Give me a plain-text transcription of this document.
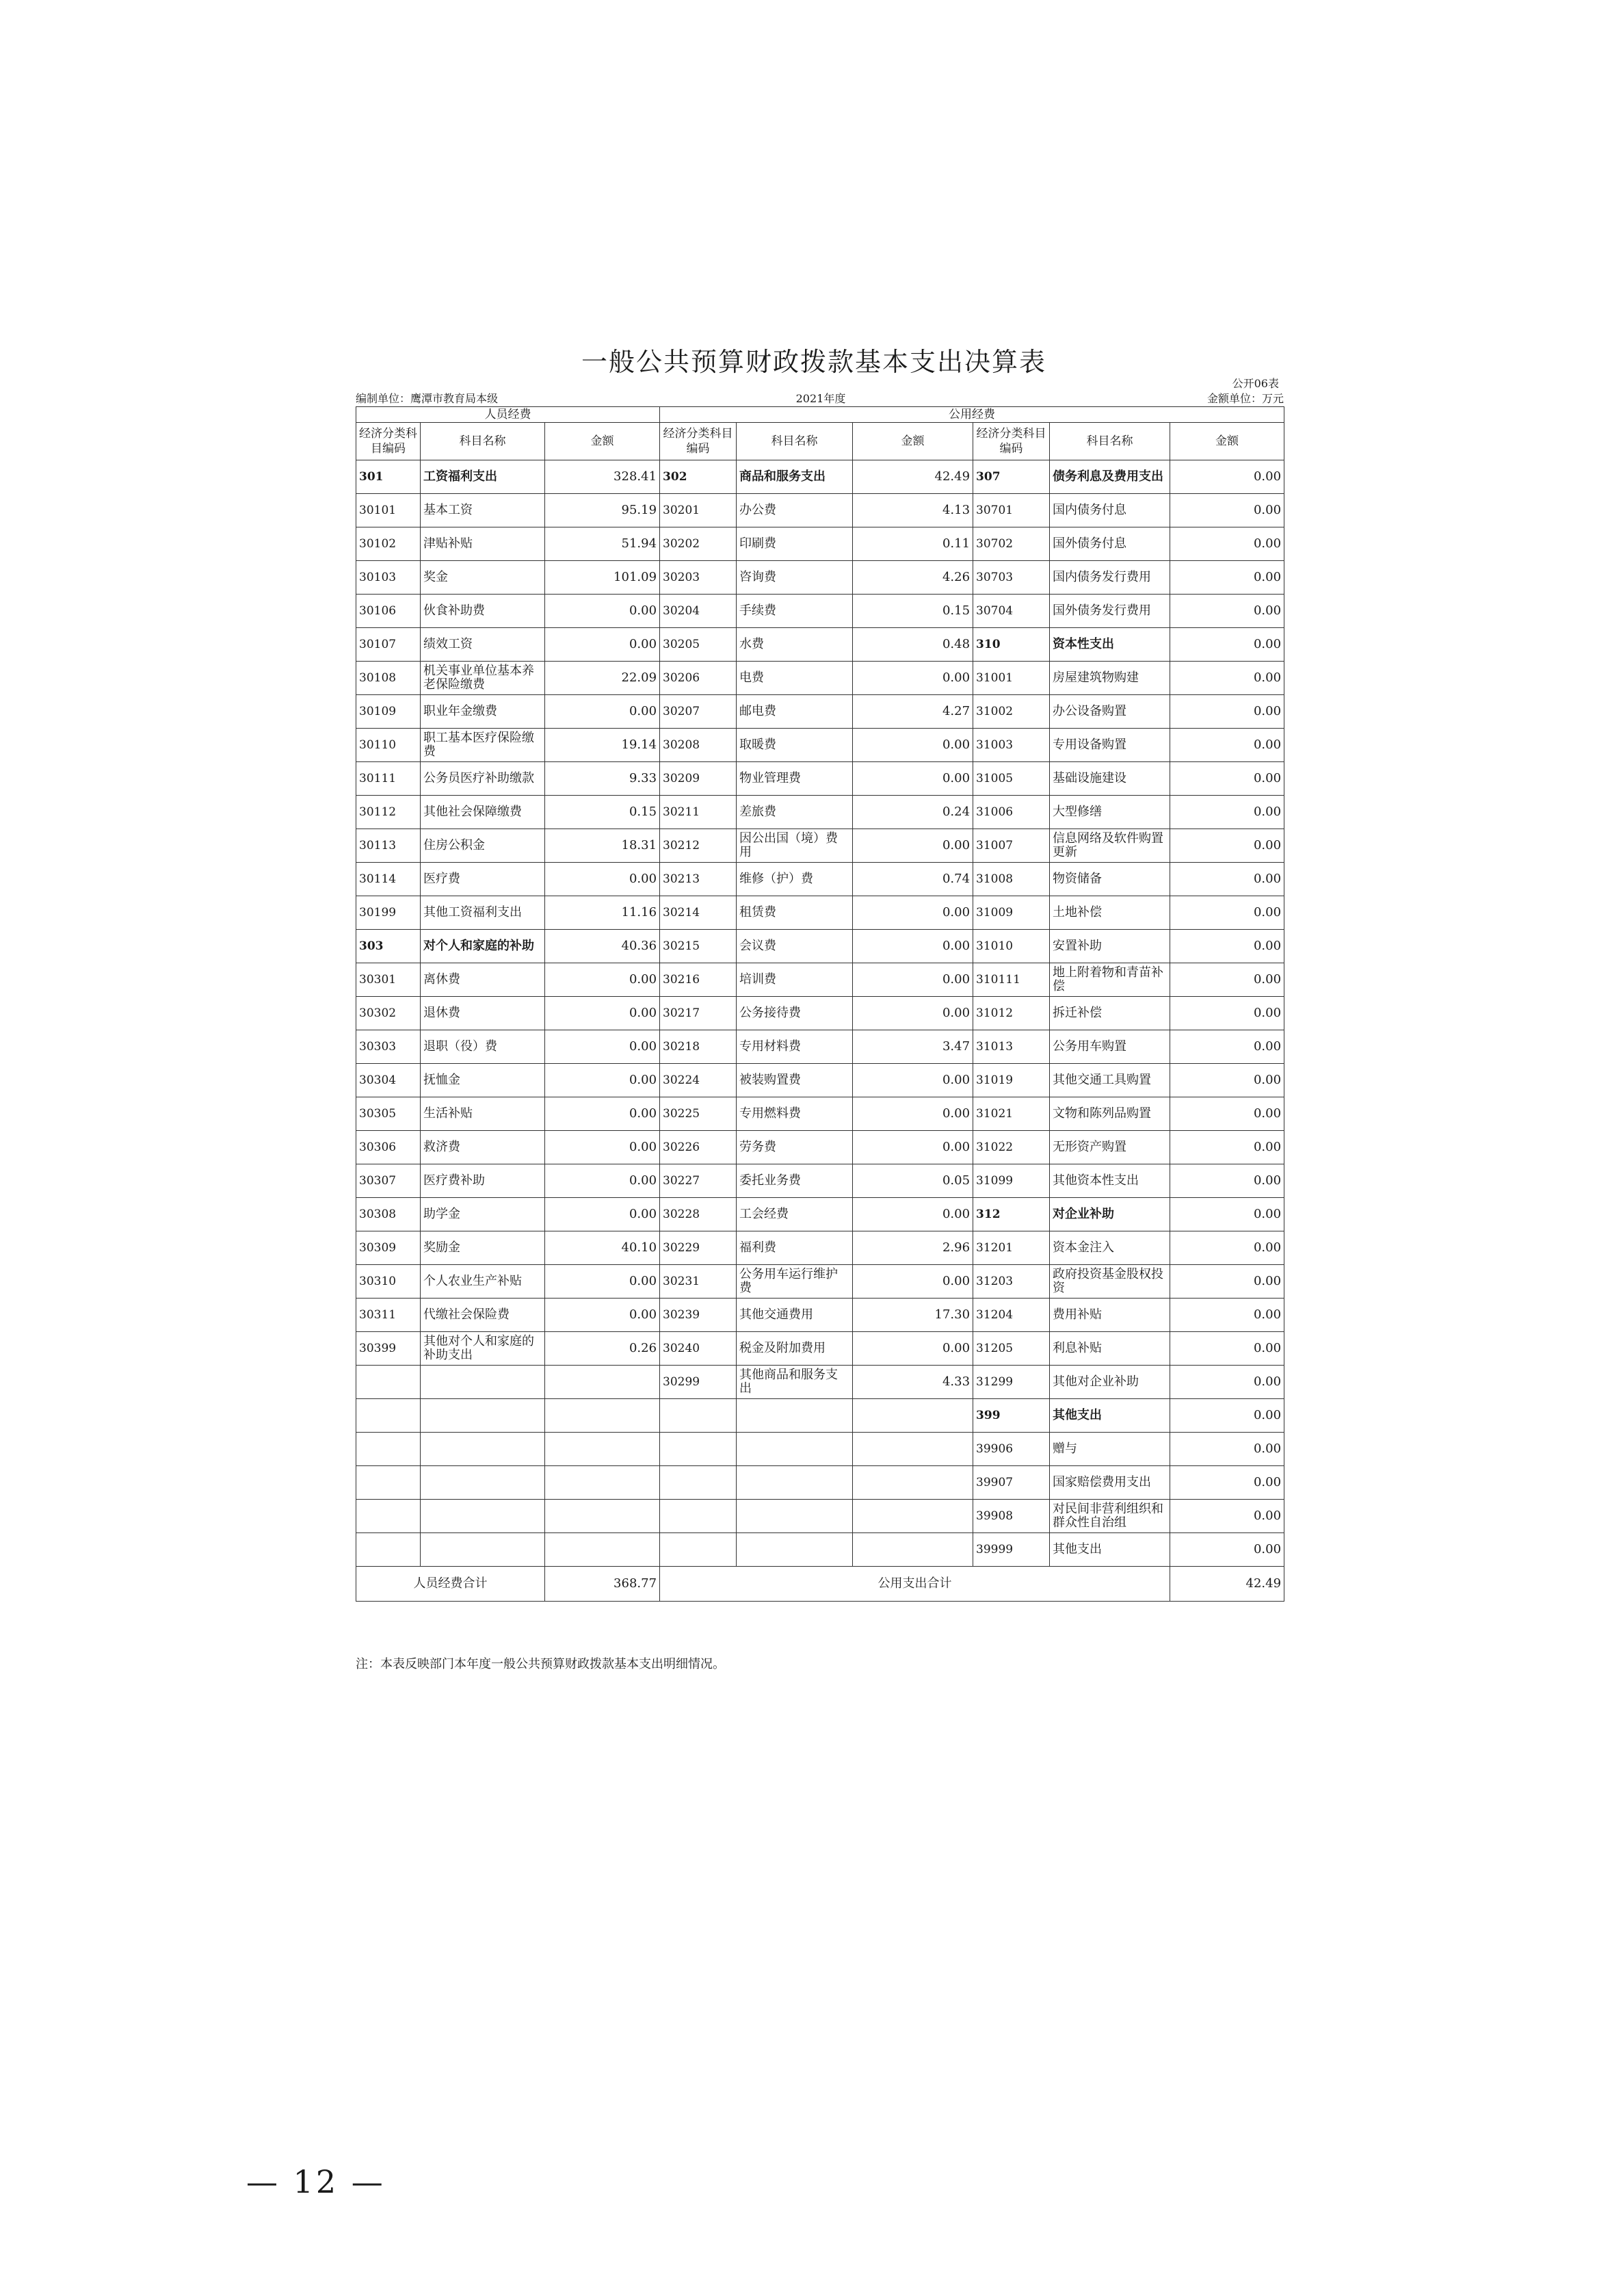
一般公共预算财政拨款基本支出决算表
公开06表
编制单位：鹰潭市教育局本级	2021年度	金额单位：万元
人员经费			公用经费					
经济分类科目编码	科目名称	金额	经济分类科目编码	科目名称	金额	经济分类科目编码	科目名称	金额
301	工资福利支出	328.41	302	商品和服务支出	42.49	307	债务利息及费用支出	0.00
30101	基本工资	95.19	30201	办公费	4.13	30701	国内债务付息	0.00
30102	津贴补贴	51.94	30202	印刷费	0.11	30702	国外债务付息	0.00
30103	奖金	101.09	30203	咨询费	4.26	30703	国内债务发行费用	0.00
30106	伙食补助费	0.00	30204	手续费	0.15	30704	国外债务发行费用	0.00
30107	绩效工资	0.00	30205	水费	0.48	310	资本性支出	0.00
30108	机关事业单位基本养老保险缴费	22.09	30206	电费	0.00	31001	房屋建筑物购建	0.00
30109	职业年金缴费	0.00	30207	邮电费	4.27	31002	办公设备购置	0.00
30110	职工基本医疗保险缴费	19.14	30208	取暖费	0.00	31003	专用设备购置	0.00
30111	公务员医疗补助缴款	9.33	30209	物业管理费	0.00	31005	基础设施建设	0.00
30112	其他社会保障缴费	0.15	30211	差旅费	0.24	31006	大型修缮	0.00
30113	住房公积金	18.31	30212	因公出国（境）费用	0.00	31007	信息网络及软件购置更新	0.00
30114	医疗费	0.00	30213	维修（护）费	0.74	31008	物资储备	0.00
30199	其他工资福利支出	11.16	30214	租赁费	0.00	31009	土地补偿	0.00
303	对个人和家庭的补助	40.36	30215	会议费	0.00	31010	安置补助	0.00
30301	离休费	0.00	30216	培训费	0.00	310111	地上附着物和青苗补偿	0.00
30302	退休费	0.00	30217	公务接待费	0.00	31012	拆迁补偿	0.00
30303	退职（役）费	0.00	30218	专用材料费	3.47	31013	公务用车购置	0.00
30304	抚恤金	0.00	30224	被装购置费	0.00	31019	其他交通工具购置	0.00
30305	生活补贴	0.00	30225	专用燃料费	0.00	31021	文物和陈列品购置	0.00
30306	救济费	0.00	30226	劳务费	0.00	31022	无形资产购置	0.00
30307	医疗费补助	0.00	30227	委托业务费	0.05	31099	其他资本性支出	0.00
30308	助学金	0.00	30228	工会经费	0.00	312	对企业补助	0.00
30309	奖励金	40.10	30229	福利费	2.96	31201	资本金注入	0.00
30310	个人农业生产补贴	0.00	30231	公务用车运行维护费	0.00	31203	政府投资基金股权投资	0.00
30311	代缴社会保险费	0.00	30239	其他交通费用	17.30	31204	费用补贴	0.00
30399	其他对个人和家庭的补助支出	0.26	30240	税金及附加费用	0.00	31205	利息补贴	0.00
			30299	其他商品和服务支出	4.33	31299	其他对企业补助	0.00
						399	其他支出	0.00
						39906	赠与	0.00
						39907	国家赔偿费用支出	0.00
						39908	对民间非营利组织和群众性自治组	0.00
						39999	其他支出	0.00
人员经费合计		368.77	公用支出合计					42.49
注：本表反映部门本年度一般公共预算财政拨款基本支出明细情况。
— 12 —
